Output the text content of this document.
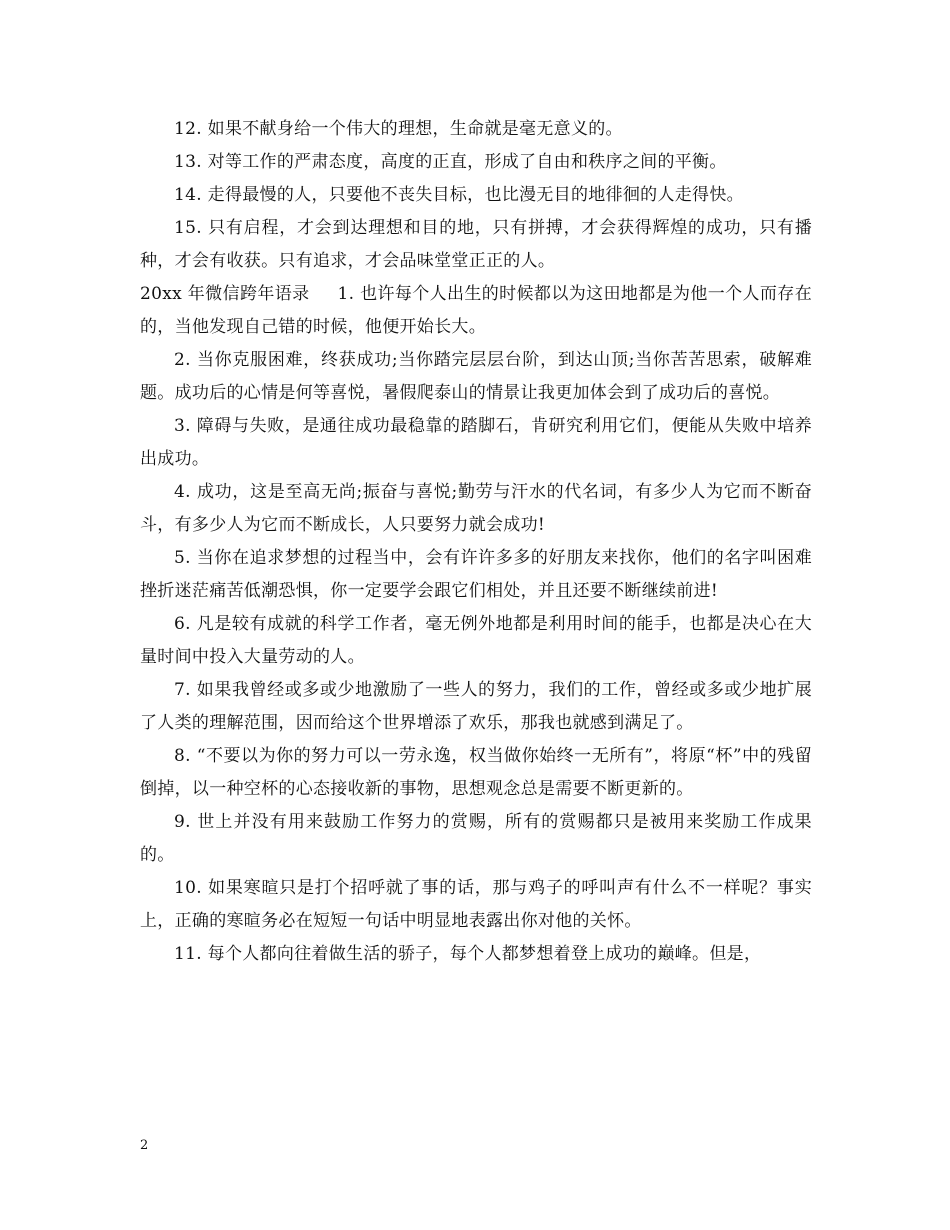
12. 如果不献身给一个伟大的理想，生命就是毫无意义的。

13. 对等工作的严肃态度，高度的正直，形成了自由和秩序之间的平衡。

14. 走得最慢的人，只要他不丧失目标，也比漫无目的地徘徊的人走得快。

15. 只有启程，才会到达理想和目的地，只有拼搏，才会获得辉煌的成功，只有播种，才会有收获。只有追求，才会品味堂堂正正的人。

20xx 年微信跨年语录 1. 也许每个人出生的时候都以为这田地都是为他一个人而存在的，当他发现自己错的时候，他便开始长大。

2. 当你克服困难，终获成功;当你踏完层层台阶，到达山顶;当你苦苦思索，破解难题。成功后的心情是何等喜悦，暑假爬泰山的情景让我更加体会到了成功后的喜悦。

3. 障碍与失败，是通往成功最稳靠的踏脚石，肯研究利用它们，便能从失败中培养出成功。

4. 成功，这是至高无尚;振奋与喜悦;勤劳与汗水的代名词，有多少人为它而不断奋斗，有多少人为它而不断成长，人只要努力就会成功!

5. 当你在追求梦想的过程当中，会有许许多多的好朋友来找你，他们的名字叫困难挫折迷茫痛苦低潮恐惧，你一定要学会跟它们相处，并且还要不断继续前进!

6. 凡是较有成就的科学工作者，毫无例外地都是利用时间的能手，也都是决心在大量时间中投入大量劳动的人。

7. 如果我曾经或多或少地激励了一些人的努力，我们的工作，曾经或多或少地扩展了人类的理解范围，因而给这个世界增添了欢乐，那我也就感到满足了。

8. “不要以为你的努力可以一劳永逸，权当做你始终一无所有”，将原“杯”中的残留倒掉，以一种空杯的心态接收新的事物，思想观念总是需要不断更新的。

9. 世上并没有用来鼓励工作努力的赏赐，所有的赏赐都只是被用来奖励工作成果的。

10. 如果寒暄只是打个招呼就了事的话，那与鸡子的呼叫声有什么不一样呢？事实上，正确的寒暄务必在短短一句话中明显地表露出你对他的关怀。

11. 每个人都向往着做生活的骄子，每个人都梦想着登上成功的巅峰。但是，

2
